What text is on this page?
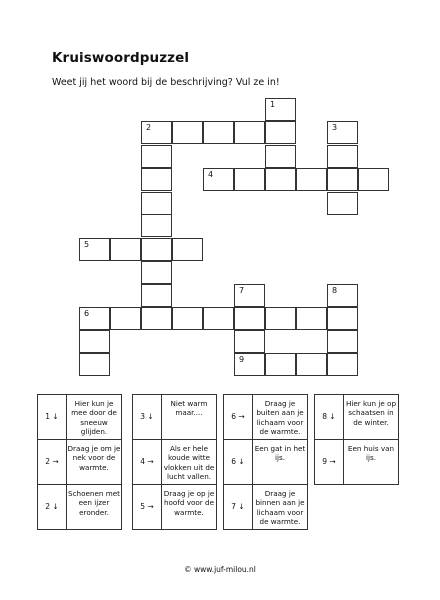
Kruiswoordpuzzel
Weet jij het woord bij de beschrijving? Vul ze in!
1
2	3
4
5
7	8
6
9
1 ↓	Hier kun je mee door de sneeuw glijden.
2 →	Draag je om je nek voor de warmte.
2 ↓	Schoenen met een ijzer eronder.
3 ↓	Niet warm maar....
4 →	Als er hele koude witte vlokken uit de lucht vallen.
5 →	Draag je op je hoofd voor de warmte.
6 →	Draag je buiten aan je lichaam voor de warmte.
6 ↓	Een gat in het ijs.
7 ↓	Draag je binnen aan je lichaam voor de warmte.
8 ↓	Hier kun je op schaatsen in de winter.
9 →	Een huis van ijs.
© www.juf-milou.nl
